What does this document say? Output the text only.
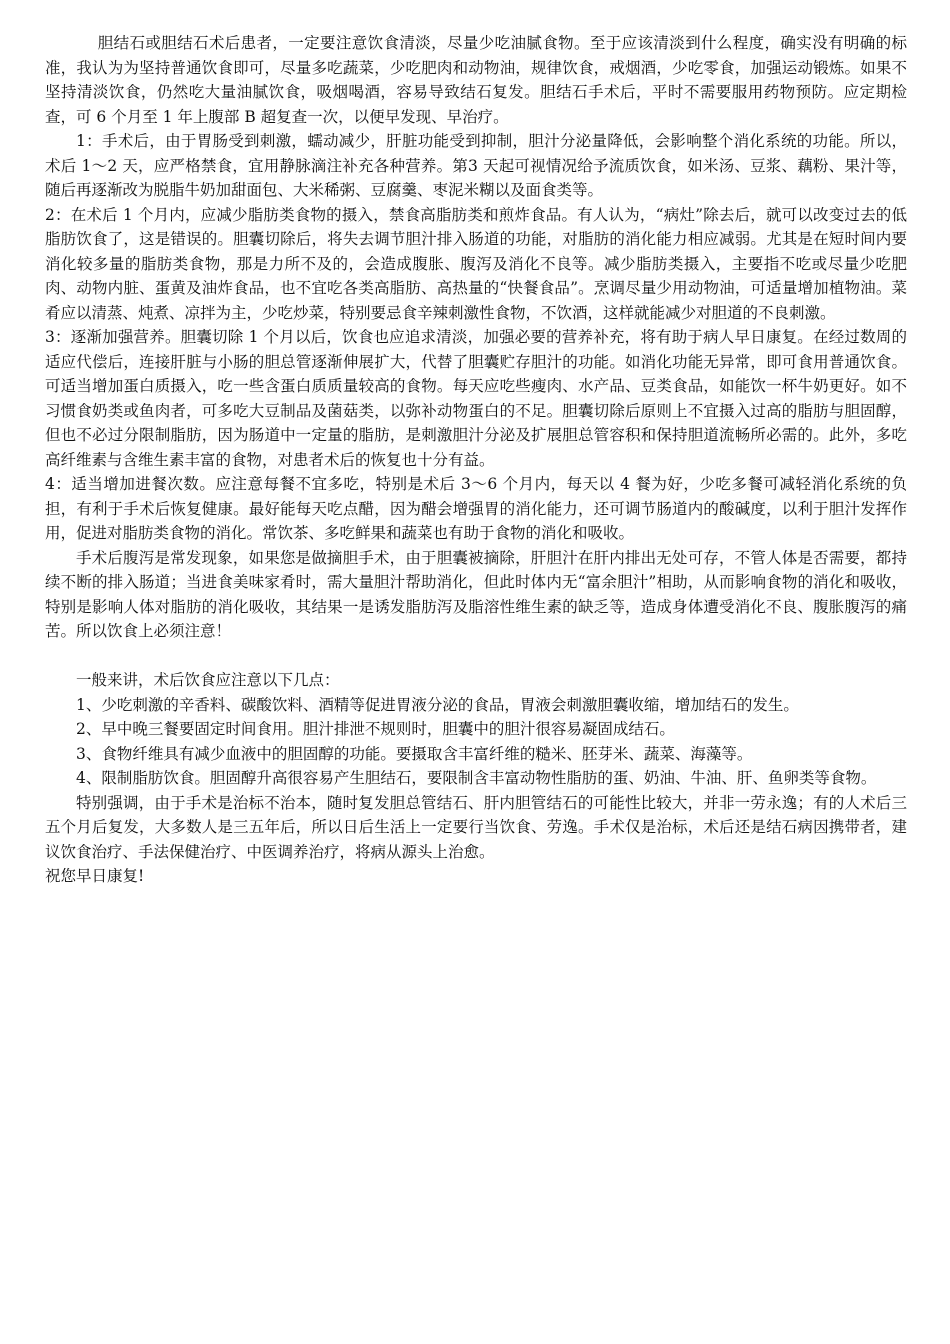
胆结石或胆结石术后患者，一定要注意饮食清淡，尽量少吃油腻食物。至于应该清淡到什么程度，确实没有明确的标准，我认为为坚持普通饮食即可，尽量多吃蔬菜，少吃肥肉和动物油，规律饮食，戒烟酒，少吃零食，加强运动锻炼。如果不坚持清淡饮食，仍然吃大量油腻饮食，吸烟喝酒，容易导致结石复发。胆结石手术后，平时不需要服用药物预防。应定期检查，可 6 个月至 1 年上腹部 B 超复查一次，以便早发现、早治疗。

1：手术后，由于胃肠受到刺激，蠕动减少，肝脏功能受到抑制，胆汁分泌量降低，会影响整个消化系统的功能。所以，术后 1～2 天，应严格禁食，宜用静脉滴注补充各种营养。第3 天起可视情况给予流质饮食，如米汤、豆浆、藕粉、果汁等，随后再逐渐改为脱脂牛奶加甜面包、大米稀粥、豆腐羹、枣泥米糊以及面食类等。

2：在术后 1 个月内，应减少脂肪类食物的摄入，禁食高脂肪类和煎炸食品。有人认为，“病灶”除去后，就可以改变过去的低脂肪饮食了，这是错误的。胆囊切除后，将失去调节胆汁排入肠道的功能，对脂肪的消化能力相应减弱。尤其是在短时间内要消化较多量的脂肪类食物，那是力所不及的，会造成腹胀、腹泻及消化不良等。减少脂肪类摄入，主要指不吃或尽量少吃肥肉、动物内脏、蛋黄及油炸食品，也不宜吃各类高脂肪、高热量的“快餐食品”。烹调尽量少用动物油，可适量增加植物油。菜肴应以清蒸、炖煮、凉拌为主，少吃炒菜，特别要忌食辛辣刺激性食物，不饮酒，这样就能减少对胆道的不良刺激。

3：逐渐加强营养。胆囊切除 1 个月以后，饮食也应追求清淡，加强必要的营养补充，将有助于病人早日康复。在经过数周的适应代偿后，连接肝脏与小肠的胆总管逐渐伸展扩大，代替了胆囊贮存胆汁的功能。如消化功能无异常，即可食用普通饮食。可适当增加蛋白质摄入，吃一些含蛋白质质量较高的食物。每天应吃些瘦肉、水产品、豆类食品，如能饮一杯牛奶更好。如不习惯食奶类或鱼肉者，可多吃大豆制品及菌菇类，以弥补动物蛋白的不足。胆囊切除后原则上不宜摄入过高的脂肪与胆固醇，但也不必过分限制脂肪，因为肠道中一定量的脂肪，是刺激胆汁分泌及扩展胆总管容积和保持胆道流畅所必需的。此外，多吃高纤维素与含维生素丰富的食物，对患者术后的恢复也十分有益。

4：适当增加进餐次数。应注意每餐不宜多吃，特别是术后 3～6 个月内，每天以 4 餐为好，少吃多餐可减轻消化系统的负担，有利于手术后恢复健康。最好能每天吃点醋，因为醋会增强胃的消化能力，还可调节肠道内的酸碱度，以利于胆汁发挥作用，促进对脂肪类食物的消化。常饮茶、多吃鲜果和蔬菜也有助于食物的消化和吸收。

手术后腹泻是常发现象，如果您是做摘胆手术，由于胆囊被摘除，肝胆汁在肝内排出无处可存，不管人体是否需要，都持续不断的排入肠道；当进食美味家肴时，需大量胆汁帮助消化，但此时体内无“富余胆汁”相助，从而影响食物的消化和吸收，特别是影响人体对脂肪的消化吸收，其结果一是诱发脂肪泻及脂溶性维生素的缺乏等，造成身体遭受消化不良、腹胀腹泻的痛苦。所以饮食上必须注意！

一般来讲，术后饮食应注意以下几点：

1、少吃刺激的辛香料、碳酸饮料、酒精等促进胃液分泌的食品，胃液会刺激胆囊收缩，增加结石的发生。

2、早中晚三餐要固定时间食用。胆汁排泄不规则时，胆囊中的胆汁很容易凝固成结石。

3、食物纤维具有减少血液中的胆固醇的功能。要摄取含丰富纤维的糙米、胚芽米、蔬菜、海藻等。

4、限制脂肪饮食。胆固醇升高很容易产生胆结石，要限制含丰富动物性脂肪的蛋、奶油、牛油、肝、鱼卵类等食物。

特别强调，由于手术是治标不治本，随时复发胆总管结石、肝内胆管结石的可能性比较大，并非一劳永逸；有的人术后三五个月后复发，大多数人是三五年后，所以日后生活上一定要行当饮食、劳逸。手术仅是治标，术后还是结石病因携带者，建议饮食治疗、手法保健治疗、中医调养治疗，将病从源头上治愈。

祝您早日康复!
